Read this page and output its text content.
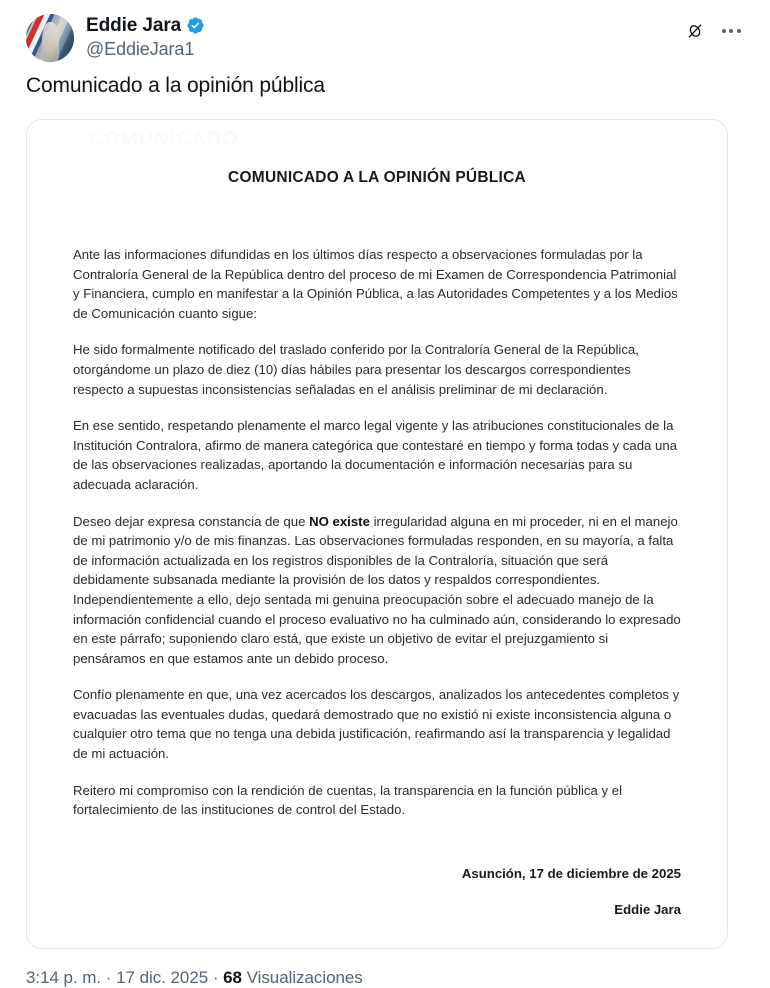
Eddie Jara
@EddieJara1
Comunicado a la opinión pública
COMUNICADO
COMUNICADO A LA OPINIÓN PÚBLICA

Ante las informaciones difundidas en los últimos días respecto a observaciones formuladas por la Contraloría General de la República dentro del proceso de mi Examen de Correspondencia Patrimonial y Financiera, cumplo en manifestar a la Opinión Pública, a las Autoridades Competentes y a los Medios de Comunicación cuanto sigue:

He sido formalmente notificado del traslado conferido por la Contraloría General de la República, otorgándome un plazo de diez (10) días hábiles para presentar los descargos correspondientes respecto a supuestas inconsistencias señaladas en el análisis preliminar de mi declaración.

En ese sentido, respetando plenamente el marco legal vigente y las atribuciones constitucionales de la Institución Contralora, afirmo de manera categórica que contestaré en tiempo y forma todas y cada una de las observaciones realizadas, aportando la documentación e información necesarias para su adecuada aclaración.

Deseo dejar expresa constancia de que NO existe irregularidad alguna en mi proceder, ni en el manejo de mi patrimonio y/o de mis finanzas. Las observaciones formuladas responden, en su mayoría, a falta de información actualizada en los registros disponibles de la Contraloría, situación que será debidamente subsanada mediante la provisión de los datos y respaldos correspondientes. Independientemente a ello, dejo sentada mi genuina preocupación sobre el adecuado manejo de la información confidencial cuando el proceso evaluativo no ha culminado aún, considerando lo expresado en este párrafo; suponiendo claro está, que existe un objetivo de evitar el prejuzgamiento si pensáramos en que estamos ante un debido proceso.

Confío plenamente en que, una vez acercados los descargos, analizados los antecedentes completos y evacuadas las eventuales dudas, quedará demostrado que no existió ni existe inconsistencia alguna o cualquier otro tema que no tenga una debida justificación, reafirmando así la transparencia y legalidad de mi actuación.

Reitero mi compromiso con la rendición de cuentas, la transparencia en la función pública y el fortalecimiento de las instituciones de control del Estado.

Asunción, 17 de diciembre de 2025
Eddie Jara
3:14 p. m. · 17 dic. 2025 · 68 Visualizaciones
